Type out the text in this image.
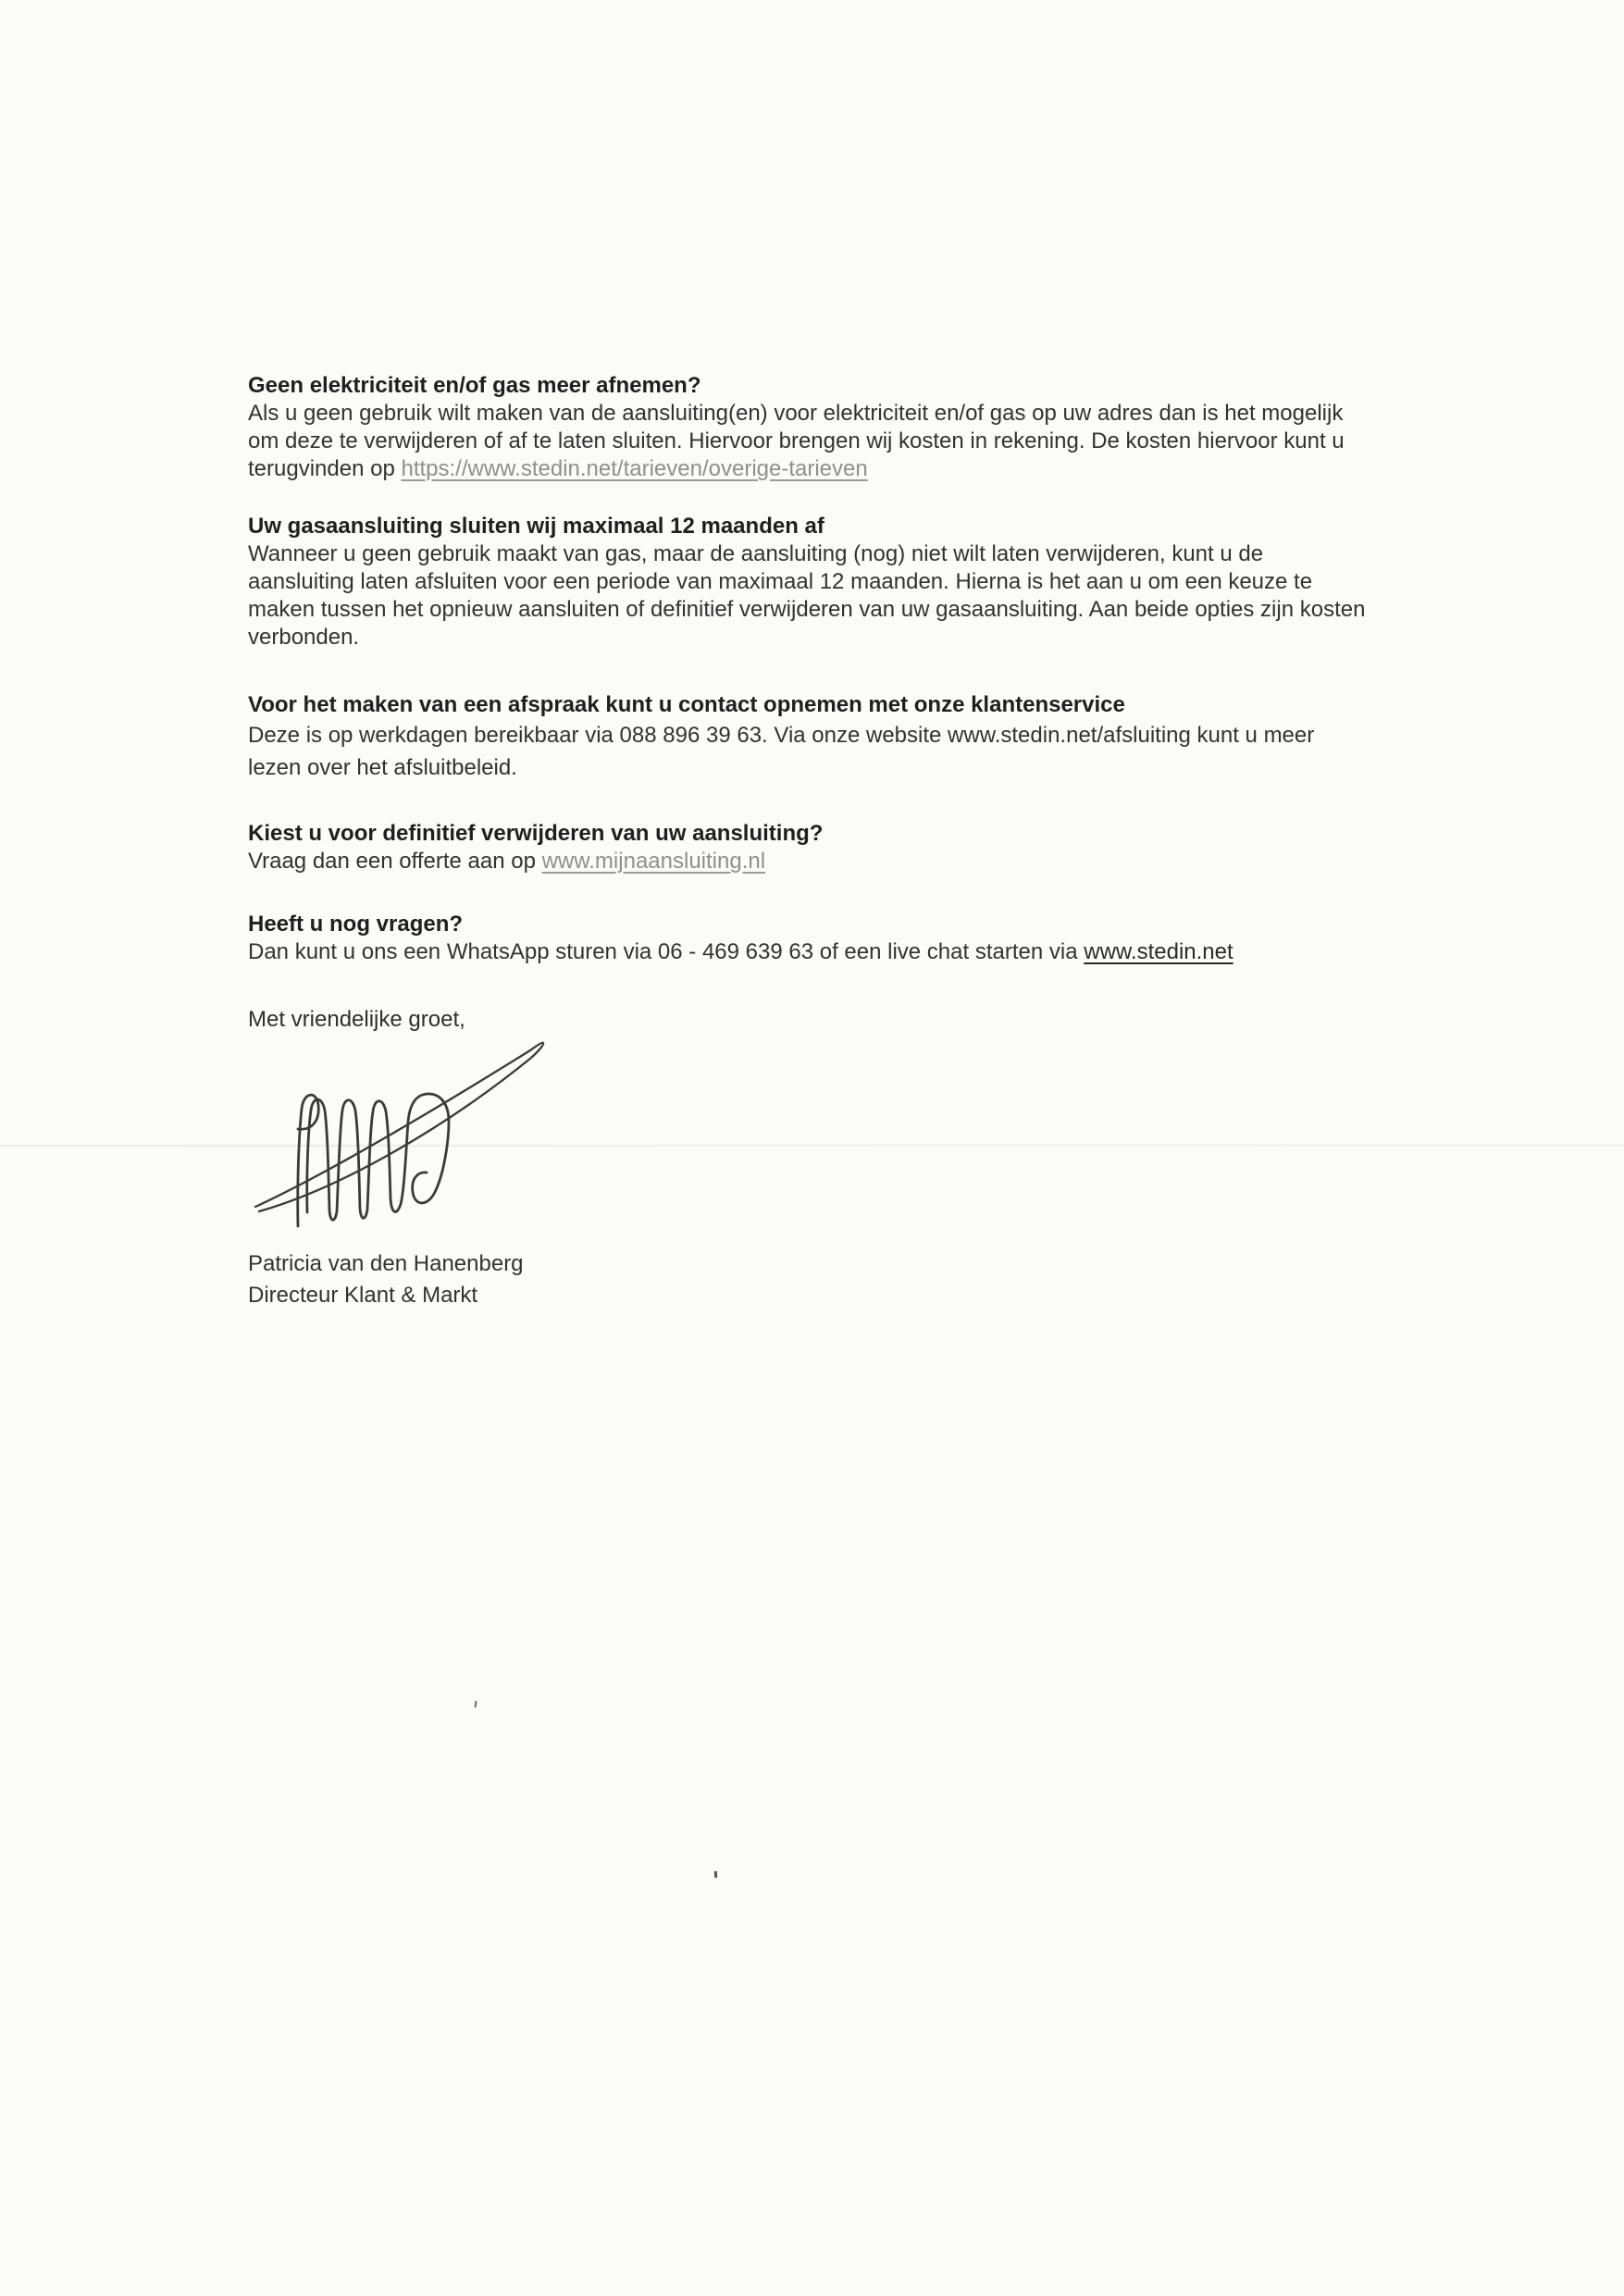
Geen elektriciteit en/of gas meer afnemen?
Als u geen gebruik wilt maken van de aansluiting(en) voor elektriciteit en/of gas op uw adres dan is het mogelijk
om deze te verwijderen of af te laten sluiten. Hiervoor brengen wij kosten in rekening. De kosten hiervoor kunt u
terugvinden op https://www.stedin.net/tarieven/overige-tarieven
Uw gasaansluiting sluiten wij maximaal 12 maanden af
Wanneer u geen gebruik maakt van gas, maar de aansluiting (nog) niet wilt laten verwijderen, kunt u de
aansluiting laten afsluiten voor een periode van maximaal 12 maanden. Hierna is het aan u om een keuze te
maken tussen het opnieuw aansluiten of definitief verwijderen van uw gasaansluiting. Aan beide opties zijn kosten
verbonden.
Voor het maken van een afspraak kunt u contact opnemen met onze klantenservice
Deze is op werkdagen bereikbaar via 088 896 39 63. Via onze website www.stedin.net/afsluiting kunt u meer
lezen over het afsluitbeleid.
Kiest u voor definitief verwijderen van uw aansluiting?
Vraag dan een offerte aan op www.mijnaansluiting.nl
Heeft u nog vragen?
Dan kunt u ons een WhatsApp sturen via 06 - 469 639 63 of een live chat starten via www.stedin.net
Met vriendelijke groet,
Patricia van den Hanenberg
Directeur Klant & Markt
